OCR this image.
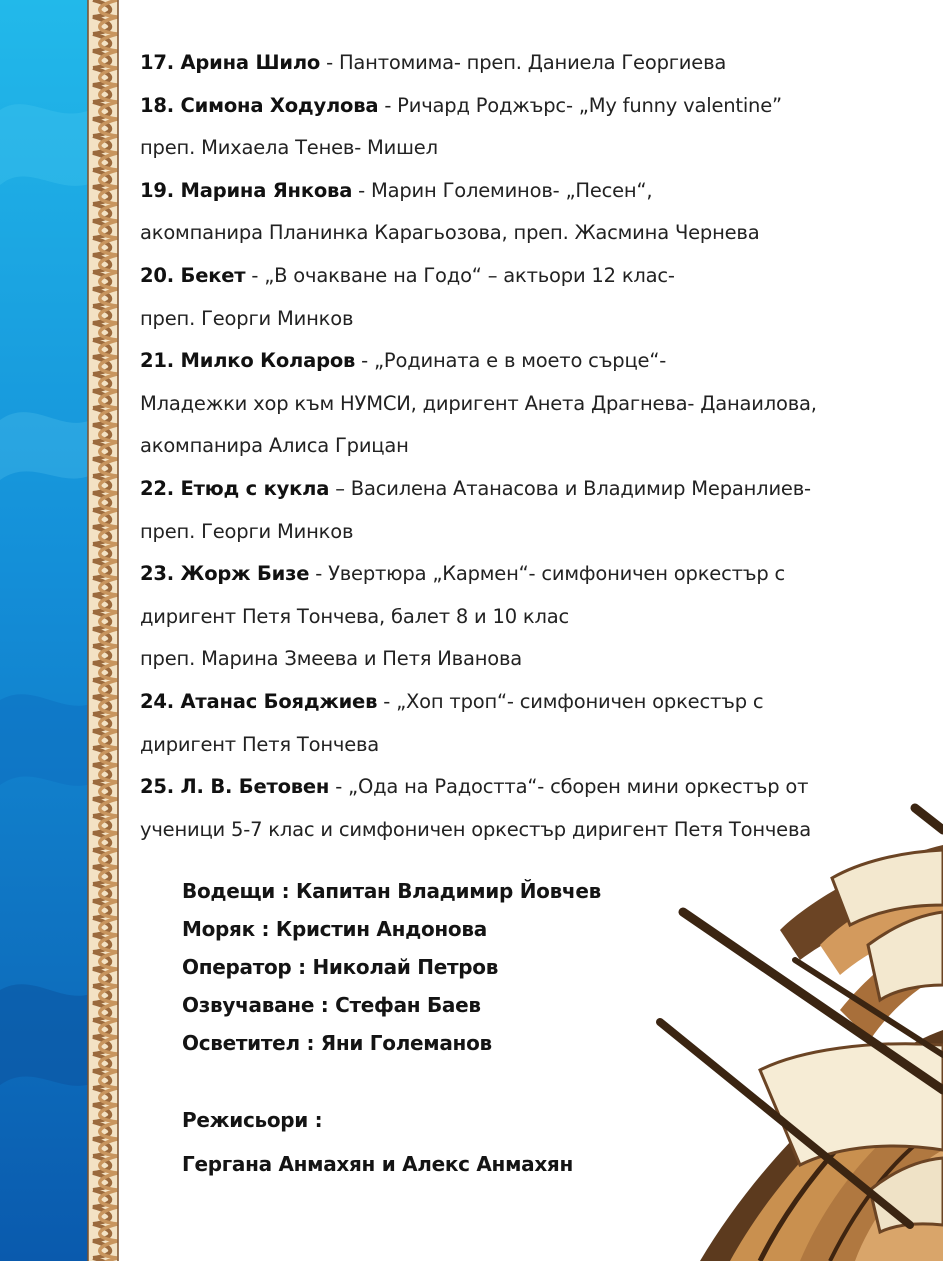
17. Арина Шило - Пантомима- преп. Даниела Георгиева
18. Симона Ходулова - Ричард Роджърс- „My funny valentine”
преп. Михаела Тенев- Мишел
19. Марина Янкова - Марин Големинов- „Песен“,
акомпанира Планинка Карагьозова, преп. Жасмина Чернева
20. Бекет - „В очакване на Годо“ – актьори 12 клас-
преп. Георги Минков
21. Милко Коларов - „Родината е в моето сърце“-
Младежки хор към НУМСИ, диригент Анета Драгнева- Данаилова,
акомпанира Алиса Грицан
22. Етюд с кукла – Василена Атанасова и Владимир Меранлиев-
преп. Георги Минков
23. Жорж Бизе - Увертюра „Кармен“- симфоничен оркестър с
диригент Петя Тончева, балет 8 и 10 клас
преп. Марина Змеева и Петя Иванова
24. Атанас Бояджиев - „Хоп троп“- симфоничен оркестър с
диригент Петя Тончева
25. Л. В. Бетовен - „Ода на Радостта“- сборен мини оркестър от
ученици 5-7 клас и симфоничен оркестър диригент Петя Тончева
Водещи : Капитан Владимир Йовчев
Моряк : Кристин Андонова
Оператор : Николай Петров
Озвучаване : Стефан Баев
Осветител : Яни Големанов
Режисьори :
Гергана Анмахян и Алекс Анмахян
